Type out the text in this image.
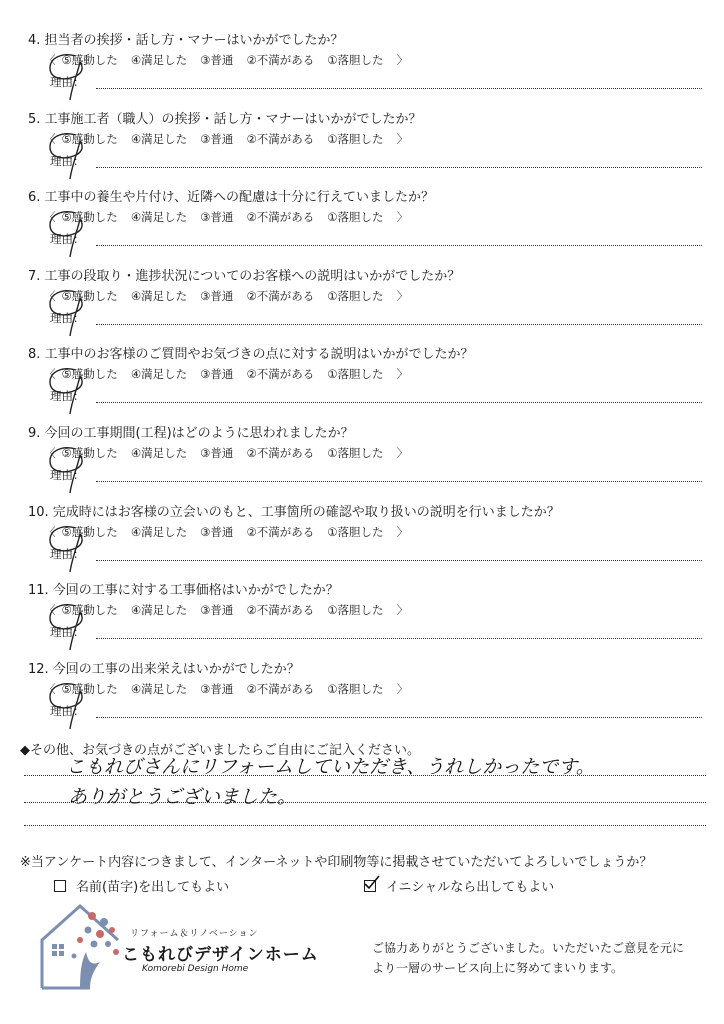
4. 担当者の挨拶・話し方・マナーはいかがでしたか？
〈 ⑤感動した ④満足した ③普通 ②不満がある ①落胆した 〉
理由：
5. 工事施工者（職人）の挨拶・話し方・マナーはいかがでしたか？
〈 ⑤感動した ④満足した ③普通 ②不満がある ①落胆した 〉
理由：
6. 工事中の養生や片付け、近隣への配慮は十分に行えていましたか？
〈 ⑤感動した ④満足した ③普通 ②不満がある ①落胆した 〉
理由：
7. 工事の段取り・進捗状況についてのお客様への説明はいかがでしたか？
〈 ⑤感動した ④満足した ③普通 ②不満がある ①落胆した 〉
理由：
8. 工事中のお客様のご質問やお気づきの点に対する説明はいかがでしたか？
〈 ⑤感動した ④満足した ③普通 ②不満がある ①落胆した 〉
理由：
9. 今回の工事期間(工程)はどのように思われましたか？
〈 ⑤感動した ④満足した ③普通 ②不満がある ①落胆した 〉
理由：
10. 完成時にはお客様の立会いのもと、工事箇所の確認や取り扱いの説明を行いましたか？
〈 ⑤感動した ④満足した ③普通 ②不満がある ①落胆した 〉
理由：
11. 今回の工事に対する工事価格はいかがでしたか？
〈 ⑤感動した ④満足した ③普通 ②不満がある ①落胆した 〉
理由：
12. 今回の工事の出来栄えはいかがでしたか？
〈 ⑤感動した ④満足した ③普通 ②不満がある ①落胆した 〉
理由：
◆その他、お気づきの点がございましたらご自由にご記入ください。
こもれびさんにリフォームしていただき、うれしかったです。
ありがとうございました。
※当アンケート内容につきまして、インターネットや印刷物等に掲載させていただいてよろしいでしょうか？
名前(苗字)を出してもよい	イニシャルなら出してもよい
リフォーム＆リノベーション
こもれびデザインホーム
Komorebi Design Home
ご協力ありがとうございました。いただいたご意見を元に
より一層のサービス向上に努めてまいります。
